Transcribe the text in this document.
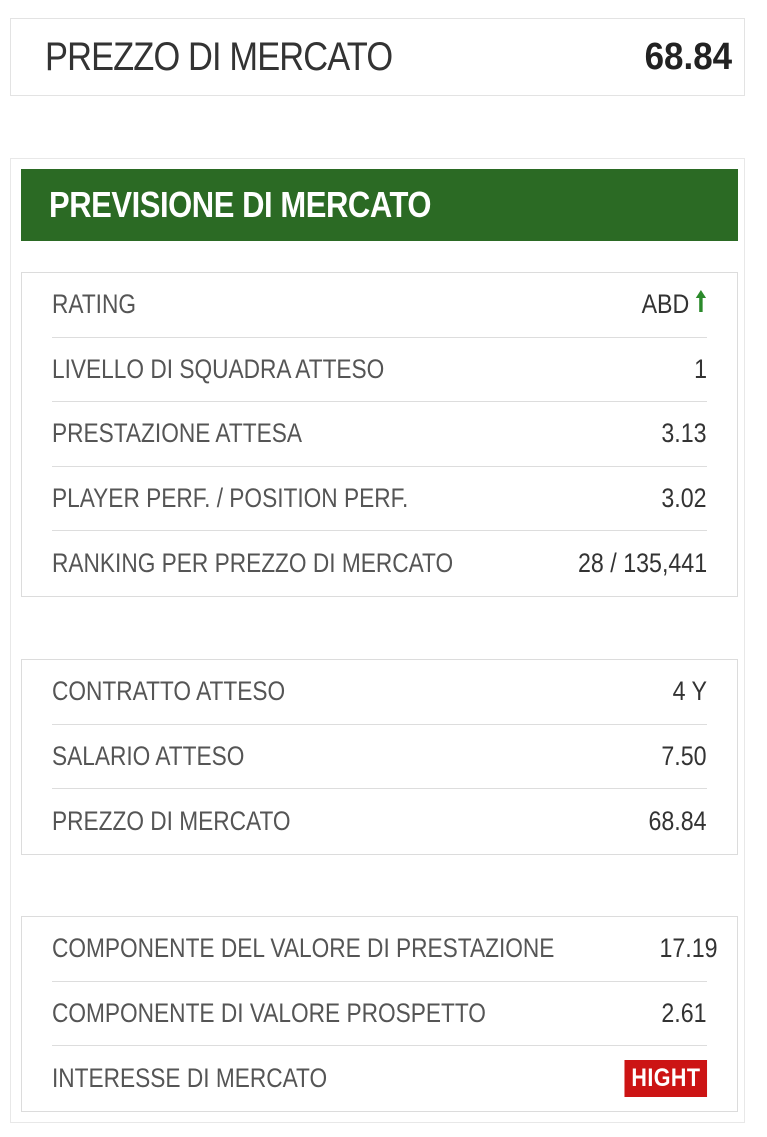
PREZZO DI MERCATO	68.84
PREVISIONE DI MERCATO
RATING	ABD
LIVELLO DI SQUADRA ATTESO	1
PRESTAZIONE ATTESA	3.13
PLAYER PERF. / POSITION PERF.	3.02
RANKING PER PREZZO DI MERCATO	28 / 135,441
CONTRATTO ATTESO	4 Y
SALARIO ATTESO	7.50
PREZZO DI MERCATO	68.84
COMPONENTE DEL VALORE DI PRESTAZIONE	17.19
COMPONENTE DI VALORE PROSPETTO	2.61
INTERESSE DI MERCATO	HIGHT
